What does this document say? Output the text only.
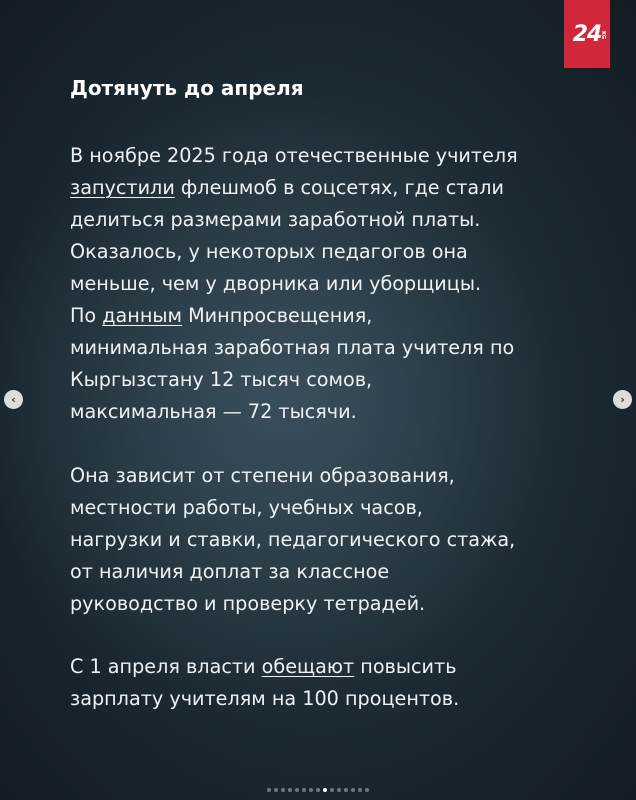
24
KG
Дотянуть до апреля

В ноябре 2025 года отечественные учителя
запустили флешмоб в соцсетях, где стали
делиться размерами заработной платы.
Оказалось, у некоторых педагогов она
меньше, чем у дворника или уборщицы.
По данным Минпросвещения,
минимальная заработная плата учителя по
Кыргызстану 12 тысяч сомов,
максимальная — 72 тысячи.

Она зависит от степени образования,
местности работы, учебных часов,
нагрузки и ставки, педагогического стажа,
от наличия доплат за классное
руководство и проверку тетрадей.

С 1 апреля власти обещают повысить
зарплату учителям на 100 процентов.

‹	›
